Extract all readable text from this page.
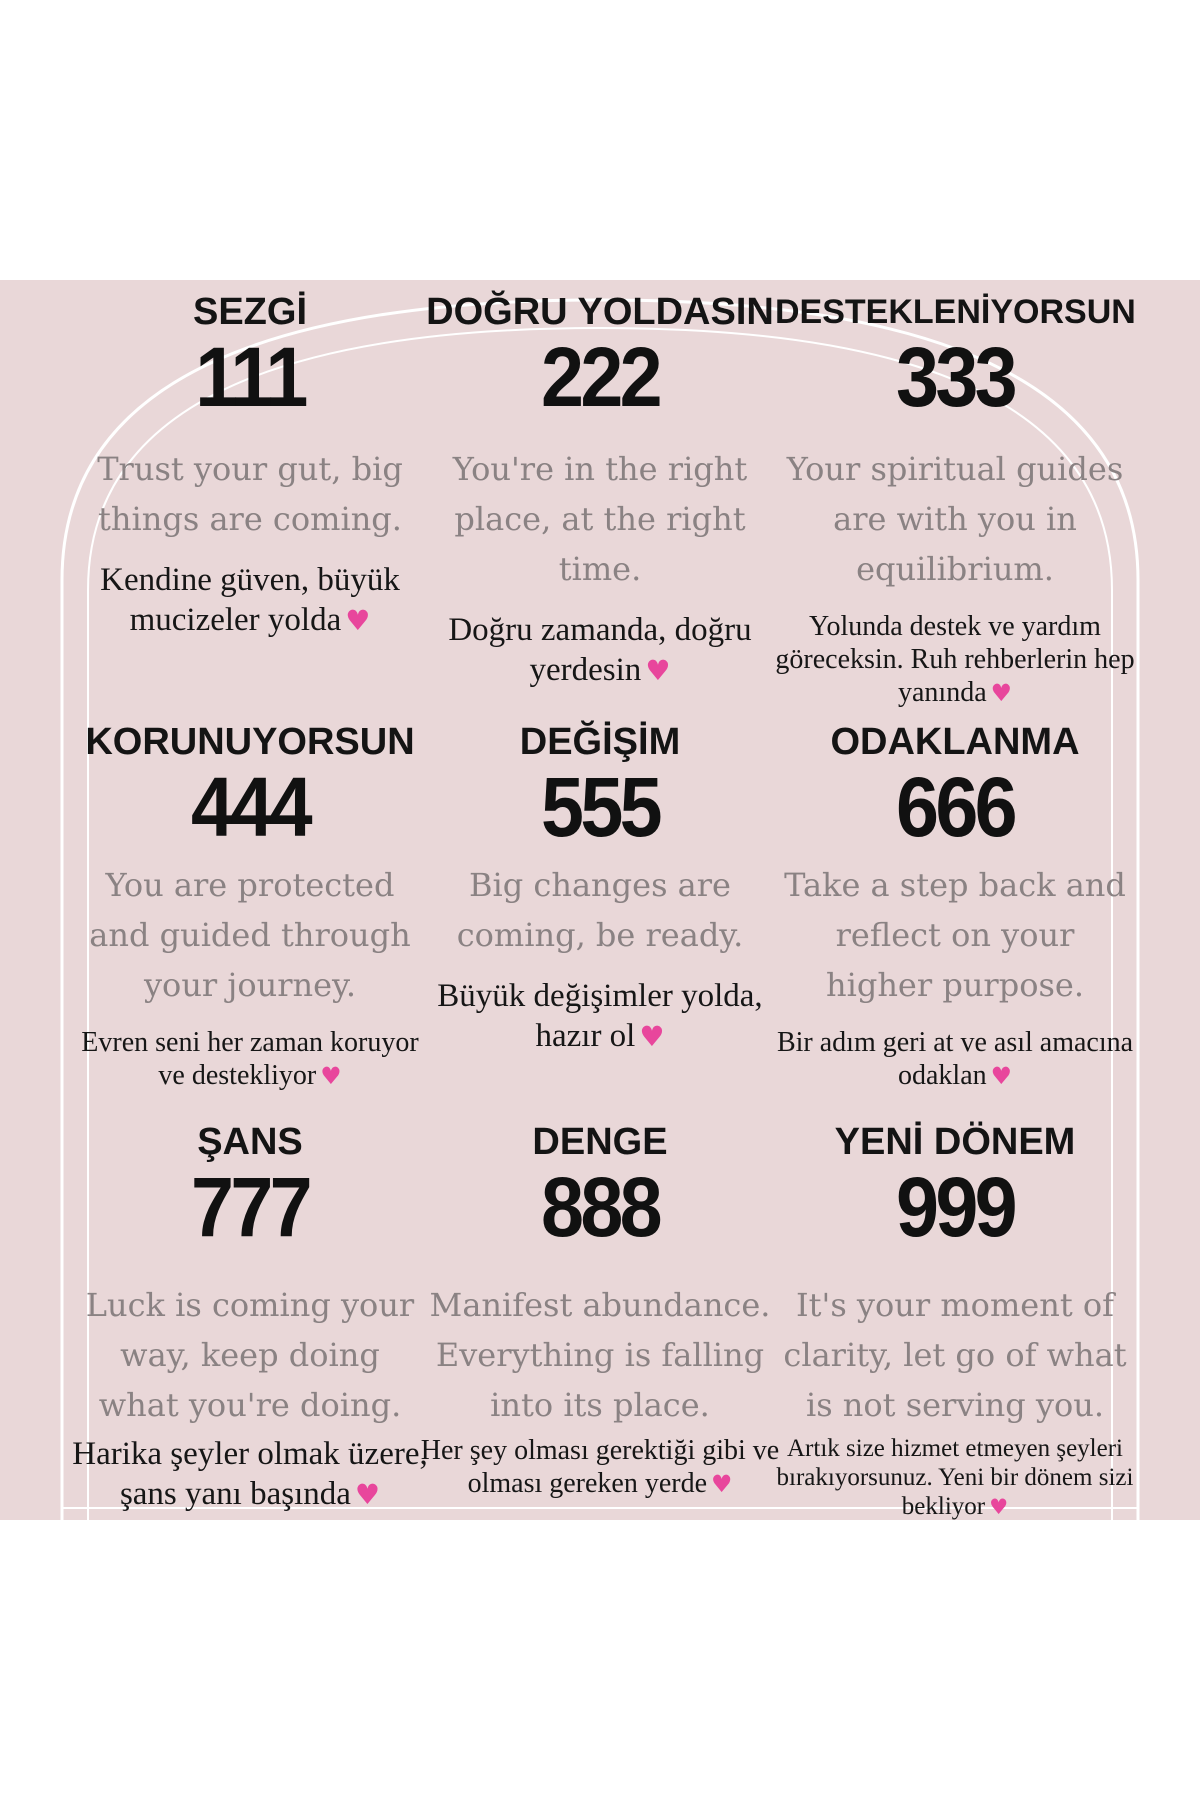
SEZGİ
111
Trust your gut, big things are coming.
Kendine güven, büyük mucizeler yolda ♥
DOĞRU YOLDASIN
222
You're in the right place, at the right time.
Doğru zamanda, doğru yerdesin ♥
DESTEKLENİYORSUN
333
Your spiritual guides are with you in equilibrium.
Yolunda destek ve yardım göreceksin. Ruh rehberlerin hep yanında ♥
KORUNUYORSUN
444
You are protected and guided through your journey.
Evren seni her zaman koruyor ve destekliyor ♥
DEĞİŞİM
555
Big changes are coming, be ready.
Büyük değişimler yolda, hazır ol ♥
ODAKLANMA
666
Take a step back and reflect on your higher purpose.
Bir adım geri at ve asıl amacına odaklan ♥
ŞANS
777
Luck is coming your way, keep doing what you're doing.
Harika şeyler olmak üzere, şans yanı başında ♥
DENGE
888
Manifest abundance. Everything is falling into its place.
Her şey olması gerektiği gibi ve olması gereken yerde ♥
YENİ DÖNEM
999
It's your moment of clarity, let go of what is not serving you.
Artık size hizmet etmeyen şeyleri bırakıyorsunuz. Yeni bir dönem sizi bekliyor ♥
